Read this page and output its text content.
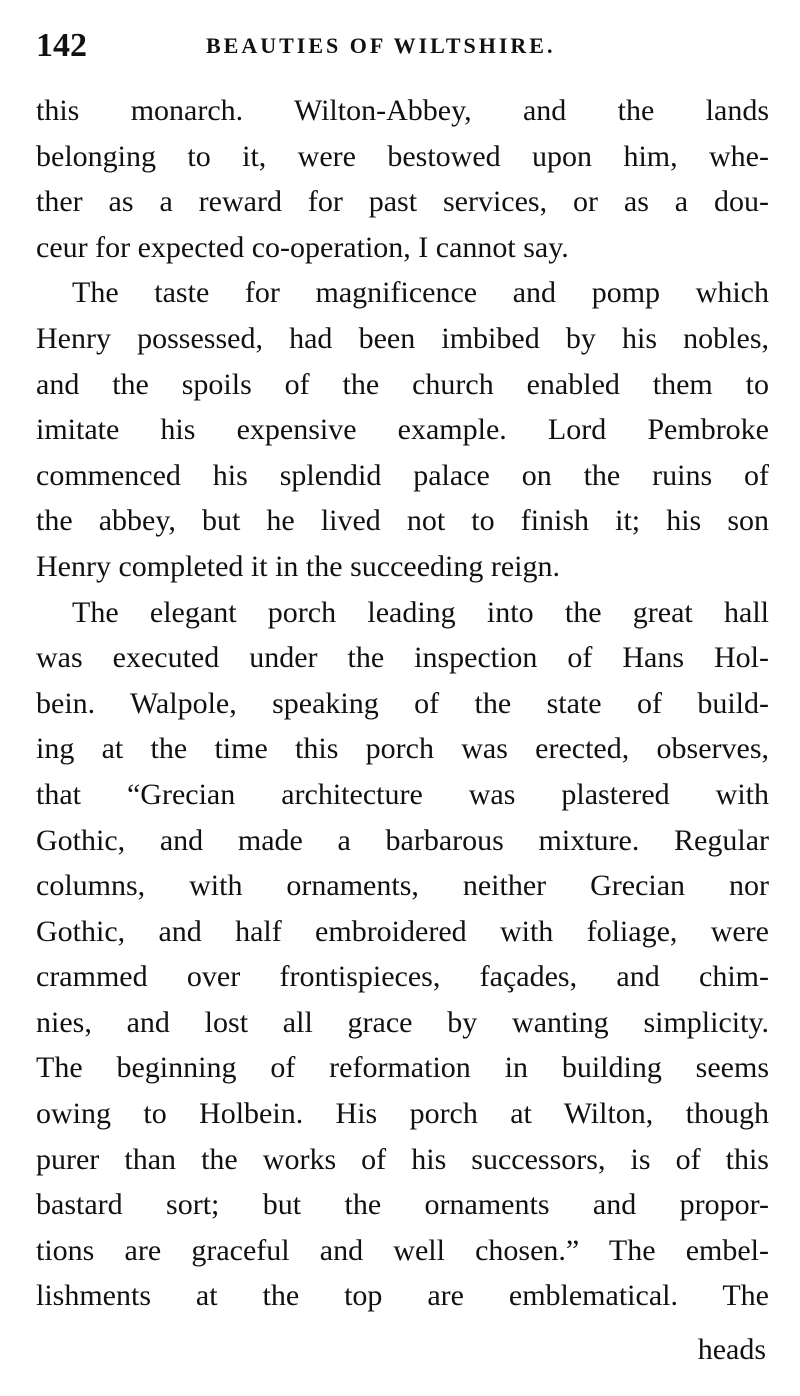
142	BEAUTIES OF WILTSHIRE.
this monarch. Wilton-Abbey, and the lands
belonging to it, were bestowed upon him, whe-
ther as a reward for past services, or as a dou-
ceur for expected co-operation, I cannot say.
The taste for magnificence and pomp which
Henry possessed, had been imbibed by his nobles,
and the spoils of the church enabled them to
imitate his expensive example. Lord Pembroke
commenced his splendid palace on the ruins of
the abbey, but he lived not to finish it; his son
Henry completed it in the succeeding reign.
The elegant porch leading into the great hall
was executed under the inspection of Hans Hol-
bein. Walpole, speaking of the state of build-
ing at the time this porch was erected, observes,
that “Grecian architecture was plastered with
Gothic, and made a barbarous mixture. Regular
columns, with ornaments, neither Grecian nor
Gothic, and half embroidered with foliage, were
crammed over frontispieces, façades, and chim-
nies, and lost all grace by wanting simplicity.
The beginning of reformation in building seems
owing to Holbein. His porch at Wilton, though
purer than the works of his successors, is of this
bastard sort; but the ornaments and propor-
tions are graceful and well chosen.” The embel-
lishments at the top are emblematical. The
heads
